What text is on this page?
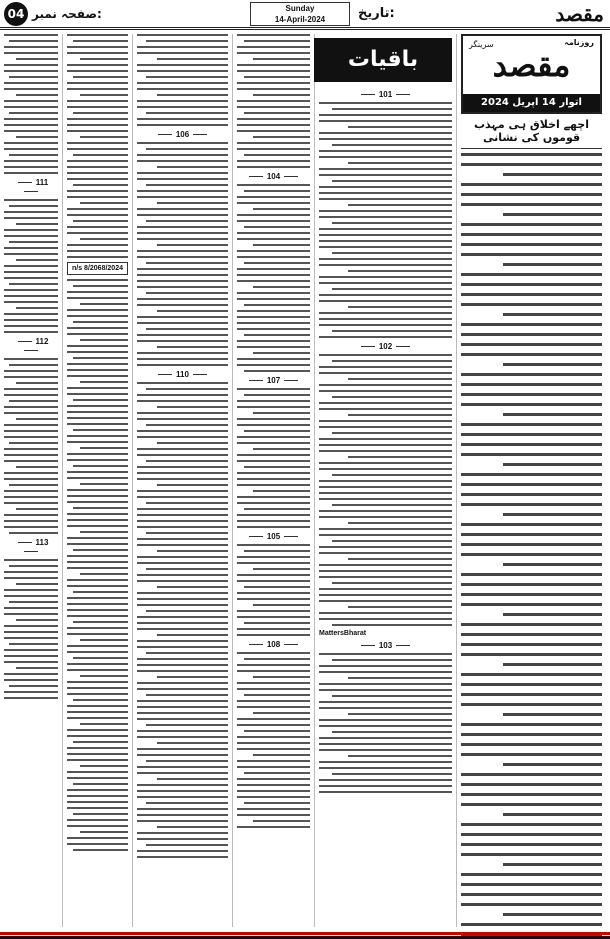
04 صفحہ نمبر:	Sunday
14-April-2024	تاریخ:	مقصد
111
112
113
n/s 8/2068/2024
106
110
104
107
105
108
101
102
MattersBharat
103
باقیات
روزنامہ
سرینگر
مقصد
اتوار 14 اپریل 2024
اچھے اخلاق ہی مہذب قوموں کی نشانی
